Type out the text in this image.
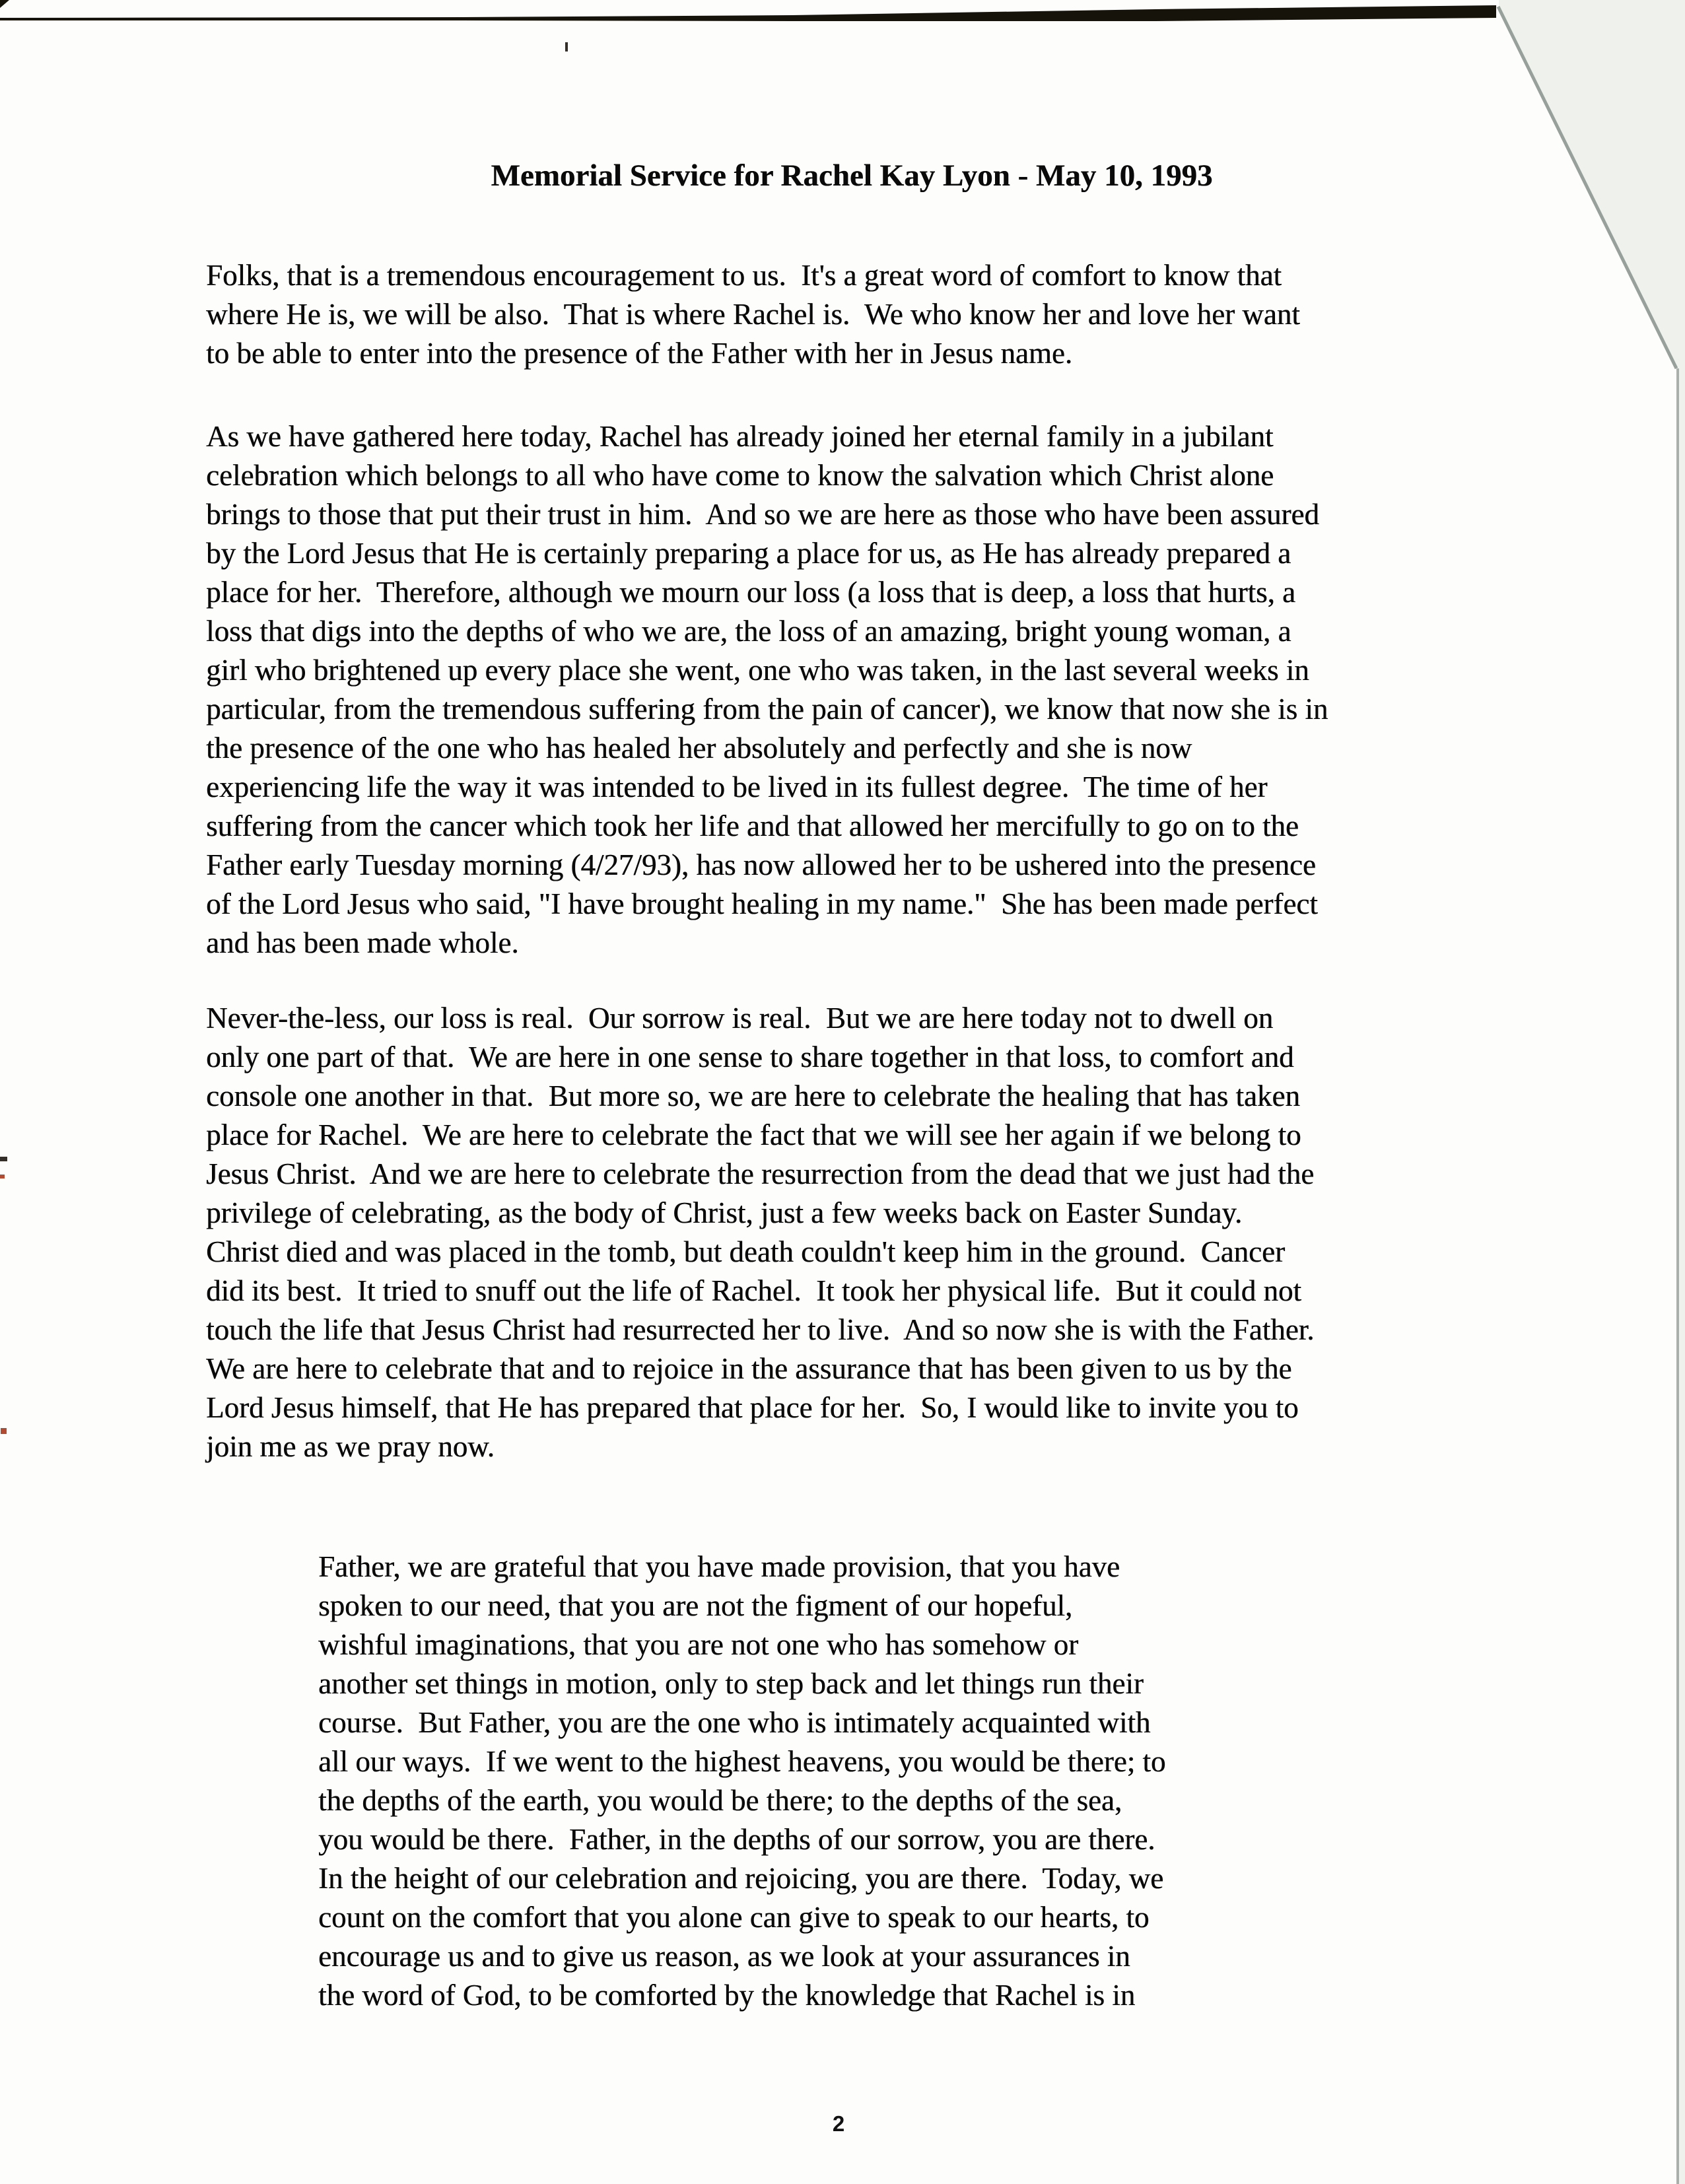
Memorial Service for Rachel Kay Lyon - May 10, 1993
Folks, that is a tremendous encouragement to us.  It's a great word of comfort to know that
where He is, we will be also.  That is where Rachel is.  We who know her and love her want
to be able to enter into the presence of the Father with her in Jesus name.
As we have gathered here today, Rachel has already joined her eternal family in a jubilant
celebration which belongs to all who have come to know the salvation which Christ alone
brings to those that put their trust in him.  And so we are here as those who have been assured
by the Lord Jesus that He is certainly preparing a place for us, as He has already prepared a
place for her.  Therefore, although we mourn our loss (a loss that is deep, a loss that hurts, a
loss that digs into the depths of who we are, the loss of an amazing, bright young woman, a
girl who brightened up every place she went, one who was taken, in the last several weeks in
particular, from the tremendous suffering from the pain of cancer), we know that now she is in
the presence of the one who has healed her absolutely and perfectly and she is now
experiencing life the way it was intended to be lived in its fullest degree.  The time of her
suffering from the cancer which took her life and that allowed her mercifully to go on to the
Father early Tuesday morning (4/27/93), has now allowed her to be ushered into the presence
of the Lord Jesus who said, "I have brought healing in my name."  She has been made perfect
and has been made whole.
Never-the-less, our loss is real.  Our sorrow is real.  But we are here today not to dwell on
only one part of that.  We are here in one sense to share together in that loss, to comfort and
console one another in that.  But more so, we are here to celebrate the healing that has taken
place for Rachel.  We are here to celebrate the fact that we will see her again if we belong to
Jesus Christ.  And we are here to celebrate the resurrection from the dead that we just had the
privilege of celebrating, as the body of Christ, just a few weeks back on Easter Sunday.
Christ died and was placed in the tomb, but death couldn't keep him in the ground.  Cancer
did its best.  It tried to snuff out the life of Rachel.  It took her physical life.  But it could not
touch the life that Jesus Christ had resurrected her to live.  And so now she is with the Father.
We are here to celebrate that and to rejoice in the assurance that has been given to us by the
Lord Jesus himself, that He has prepared that place for her.  So, I would like to invite you to
join me as we pray now.
Father, we are grateful that you have made provision, that you have
spoken to our need, that you are not the figment of our hopeful,
wishful imaginations, that you are not one who has somehow or
another set things in motion, only to step back and let things run their
course.  But Father, you are the one who is intimately acquainted with
all our ways.  If we went to the highest heavens, you would be there; to
the depths of the earth, you would be there; to the depths of the sea,
you would be there.  Father, in the depths of our sorrow, you are there.
In the height of our celebration and rejoicing, you are there.  Today, we
count on the comfort that you alone can give to speak to our hearts, to
encourage us and to give us reason, as we look at your assurances in
the word of God, to be comforted by the knowledge that Rachel is in
2
